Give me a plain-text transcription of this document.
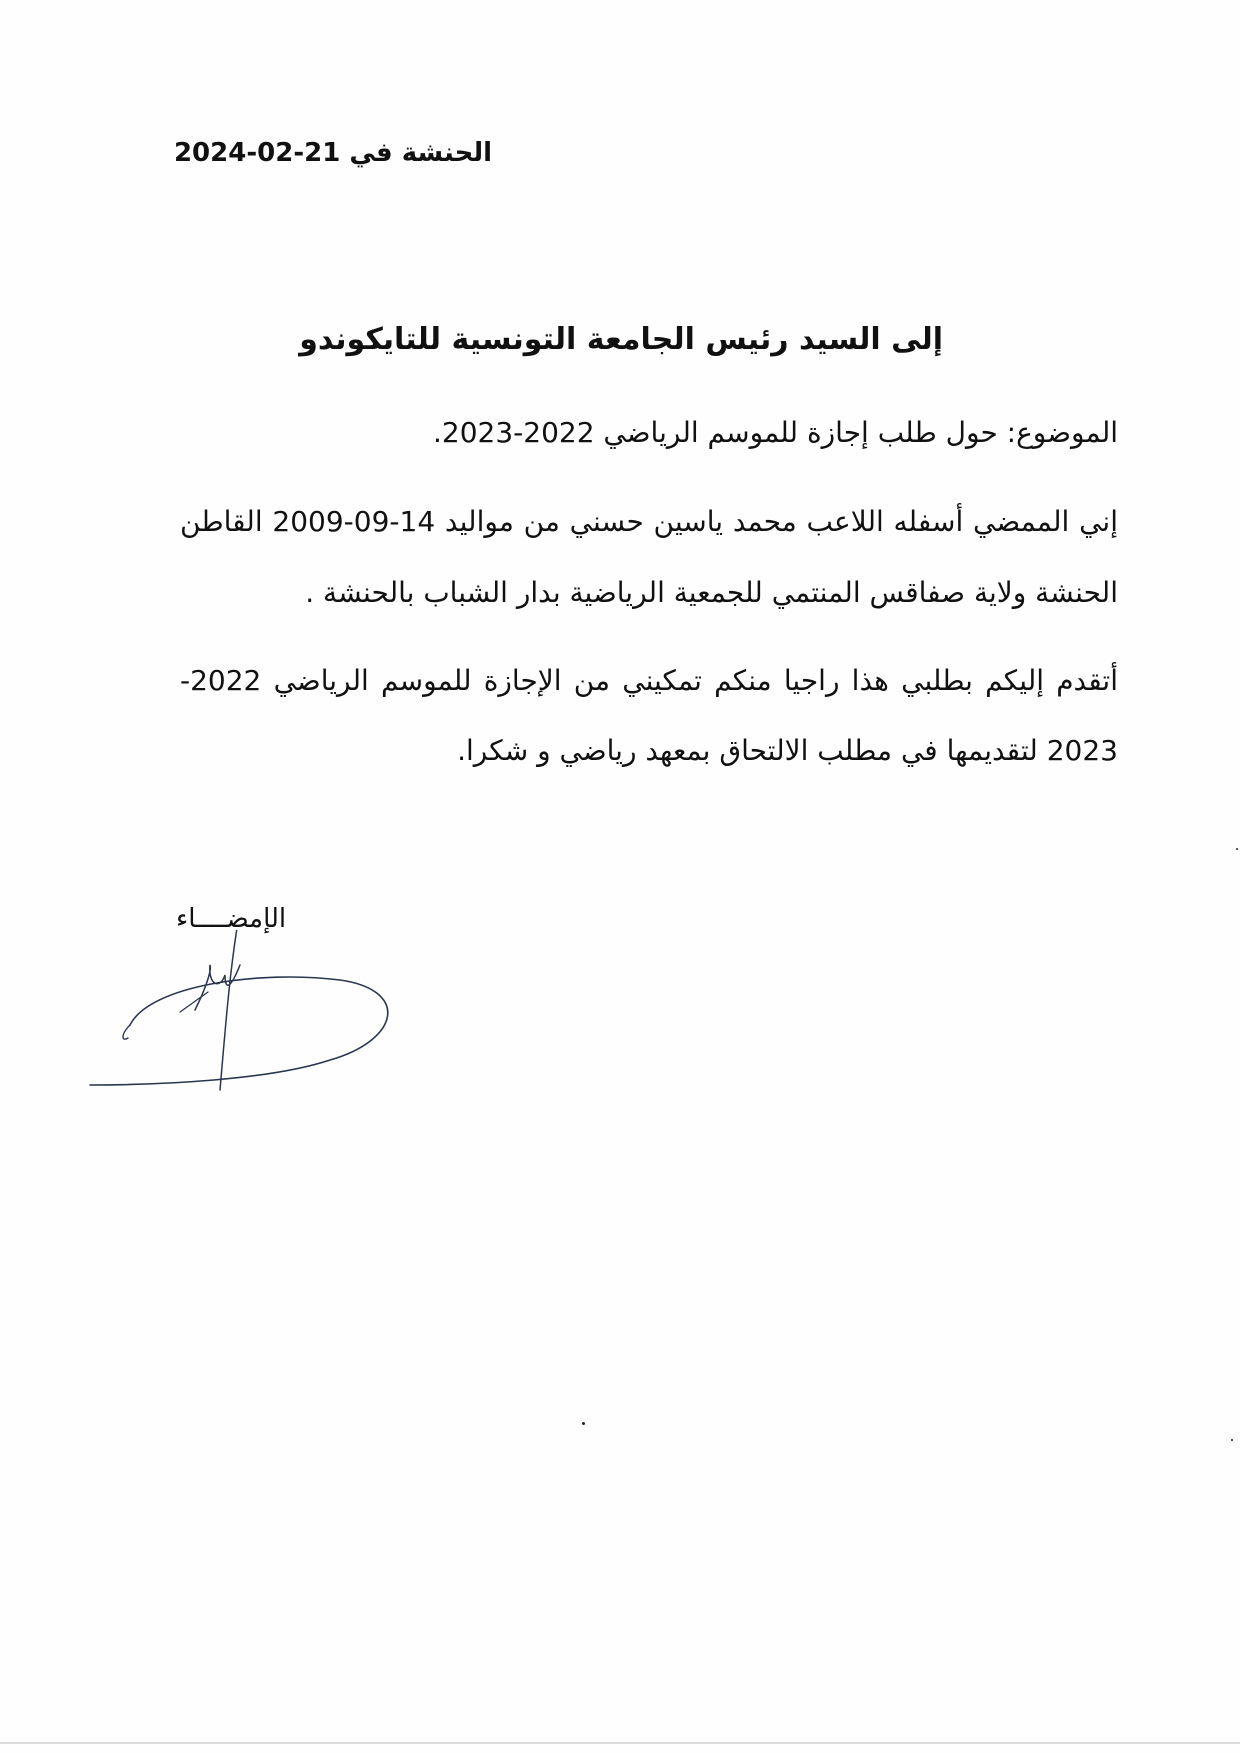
الحنشة في 21-02-2024

إلى السيد رئيس الجامعة التونسية للتايكوندو

الموضوع: حول طلب إجازة للموسم الرياضي 2022-2023.

إني الممضي أسفله اللاعب محمد ياسين حسني من مواليد 14-09-2009 القاطن

الحنشة ولاية صفاقس المنتمي للجمعية الرياضية بدار الشباب بالحنشة .

أتقدم إليكم بطلبي هذا راجيا منكم تمكيني من الإجازة للموسم الرياضي 2022-

2023 لتقديمها في مطلب الالتحاق بمعهد رياضي و شكرا.

الإمضــــاء
